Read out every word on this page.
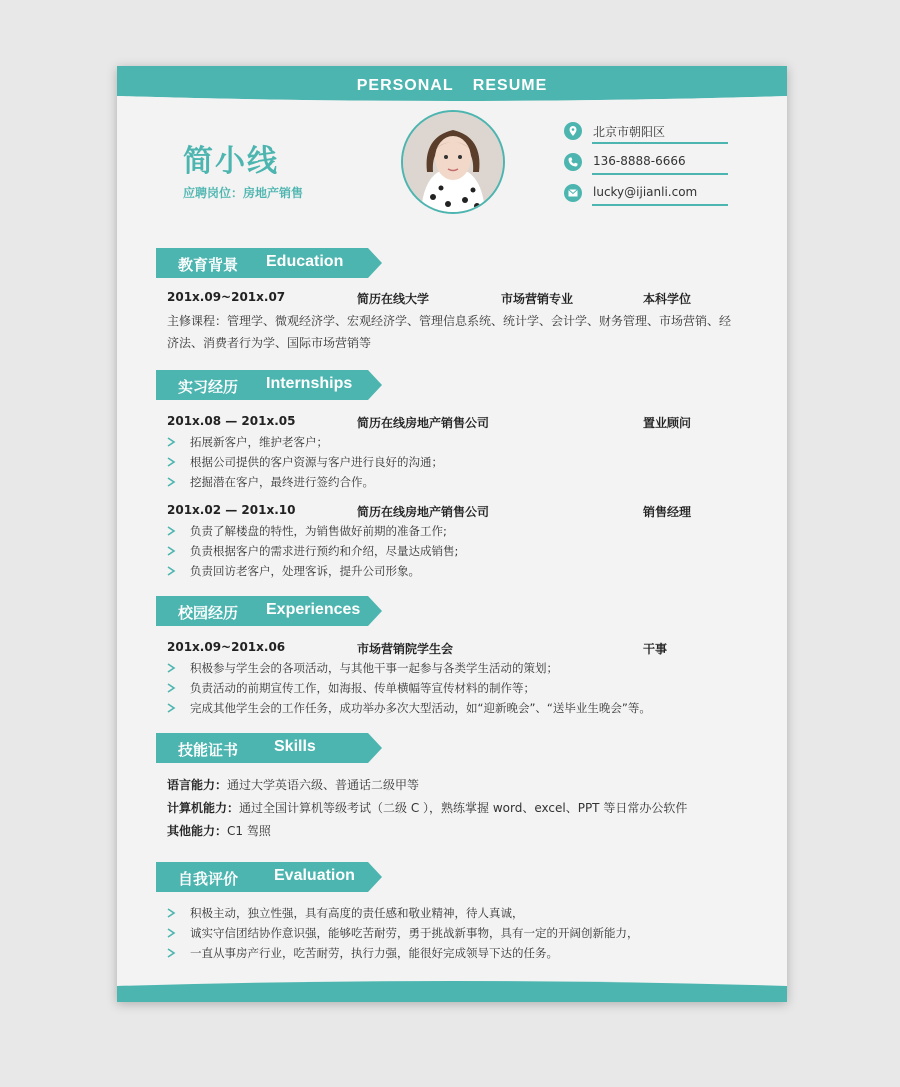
PERSONAL RESUME
简小线
应聘岗位：房地产销售
北京市朝阳区
136-8888-6666
lucky@ijianli.com
教育背景 Education
201x.09~201x.07	简历在线大学	市场营销专业	本科学位
主修课程：管理学、微观经济学、宏观经济学、管理信息系统、统计学、会计学、财务管理、市场营销、经
济法、消费者行为学、国际市场营销等
实习经历 Internships
201x.08 — 201x.05	简历在线房地产销售公司	置业顾问
拓展新客户，维护老客户；
根据公司提供的客户资源与客户进行良好的沟通；
挖掘潜在客户，最终进行签约合作。
201x.02 — 201x.10	简历在线房地产销售公司	销售经理
负责了解楼盘的特性，为销售做好前期的准备工作;
负责根据客户的需求进行预约和介绍，尽量达成销售;
负责回访老客户，处理客诉，提升公司形象。
校园经历 Experiences
201x.09~201x.06	市场营销院学生会	干事
积极参与学生会的各项活动，与其他干事一起参与各类学生活动的策划；
负责活动的前期宣传工作，如海报、传单横幅等宣传材料的制作等；
完成其他学生会的工作任务，成功举办多次大型活动，如“迎新晚会”、“送毕业生晚会”等。
技能证书 Skills
语言能力：通过大学英语六级、普通话二级甲等
计算机能力：通过全国计算机等级考试（二级 C ），熟练掌握 word、excel、PPT 等日常办公软件
其他能力：C1 驾照
自我评价 Evaluation
积极主动，独立性强，具有高度的责任感和敬业精神，待人真诚，
诚实守信团结协作意识强，能够吃苦耐劳，勇于挑战新事物，具有一定的开阔创新能力，
一直从事房产行业，吃苦耐劳，执行力强，能很好完成领导下达的任务。
